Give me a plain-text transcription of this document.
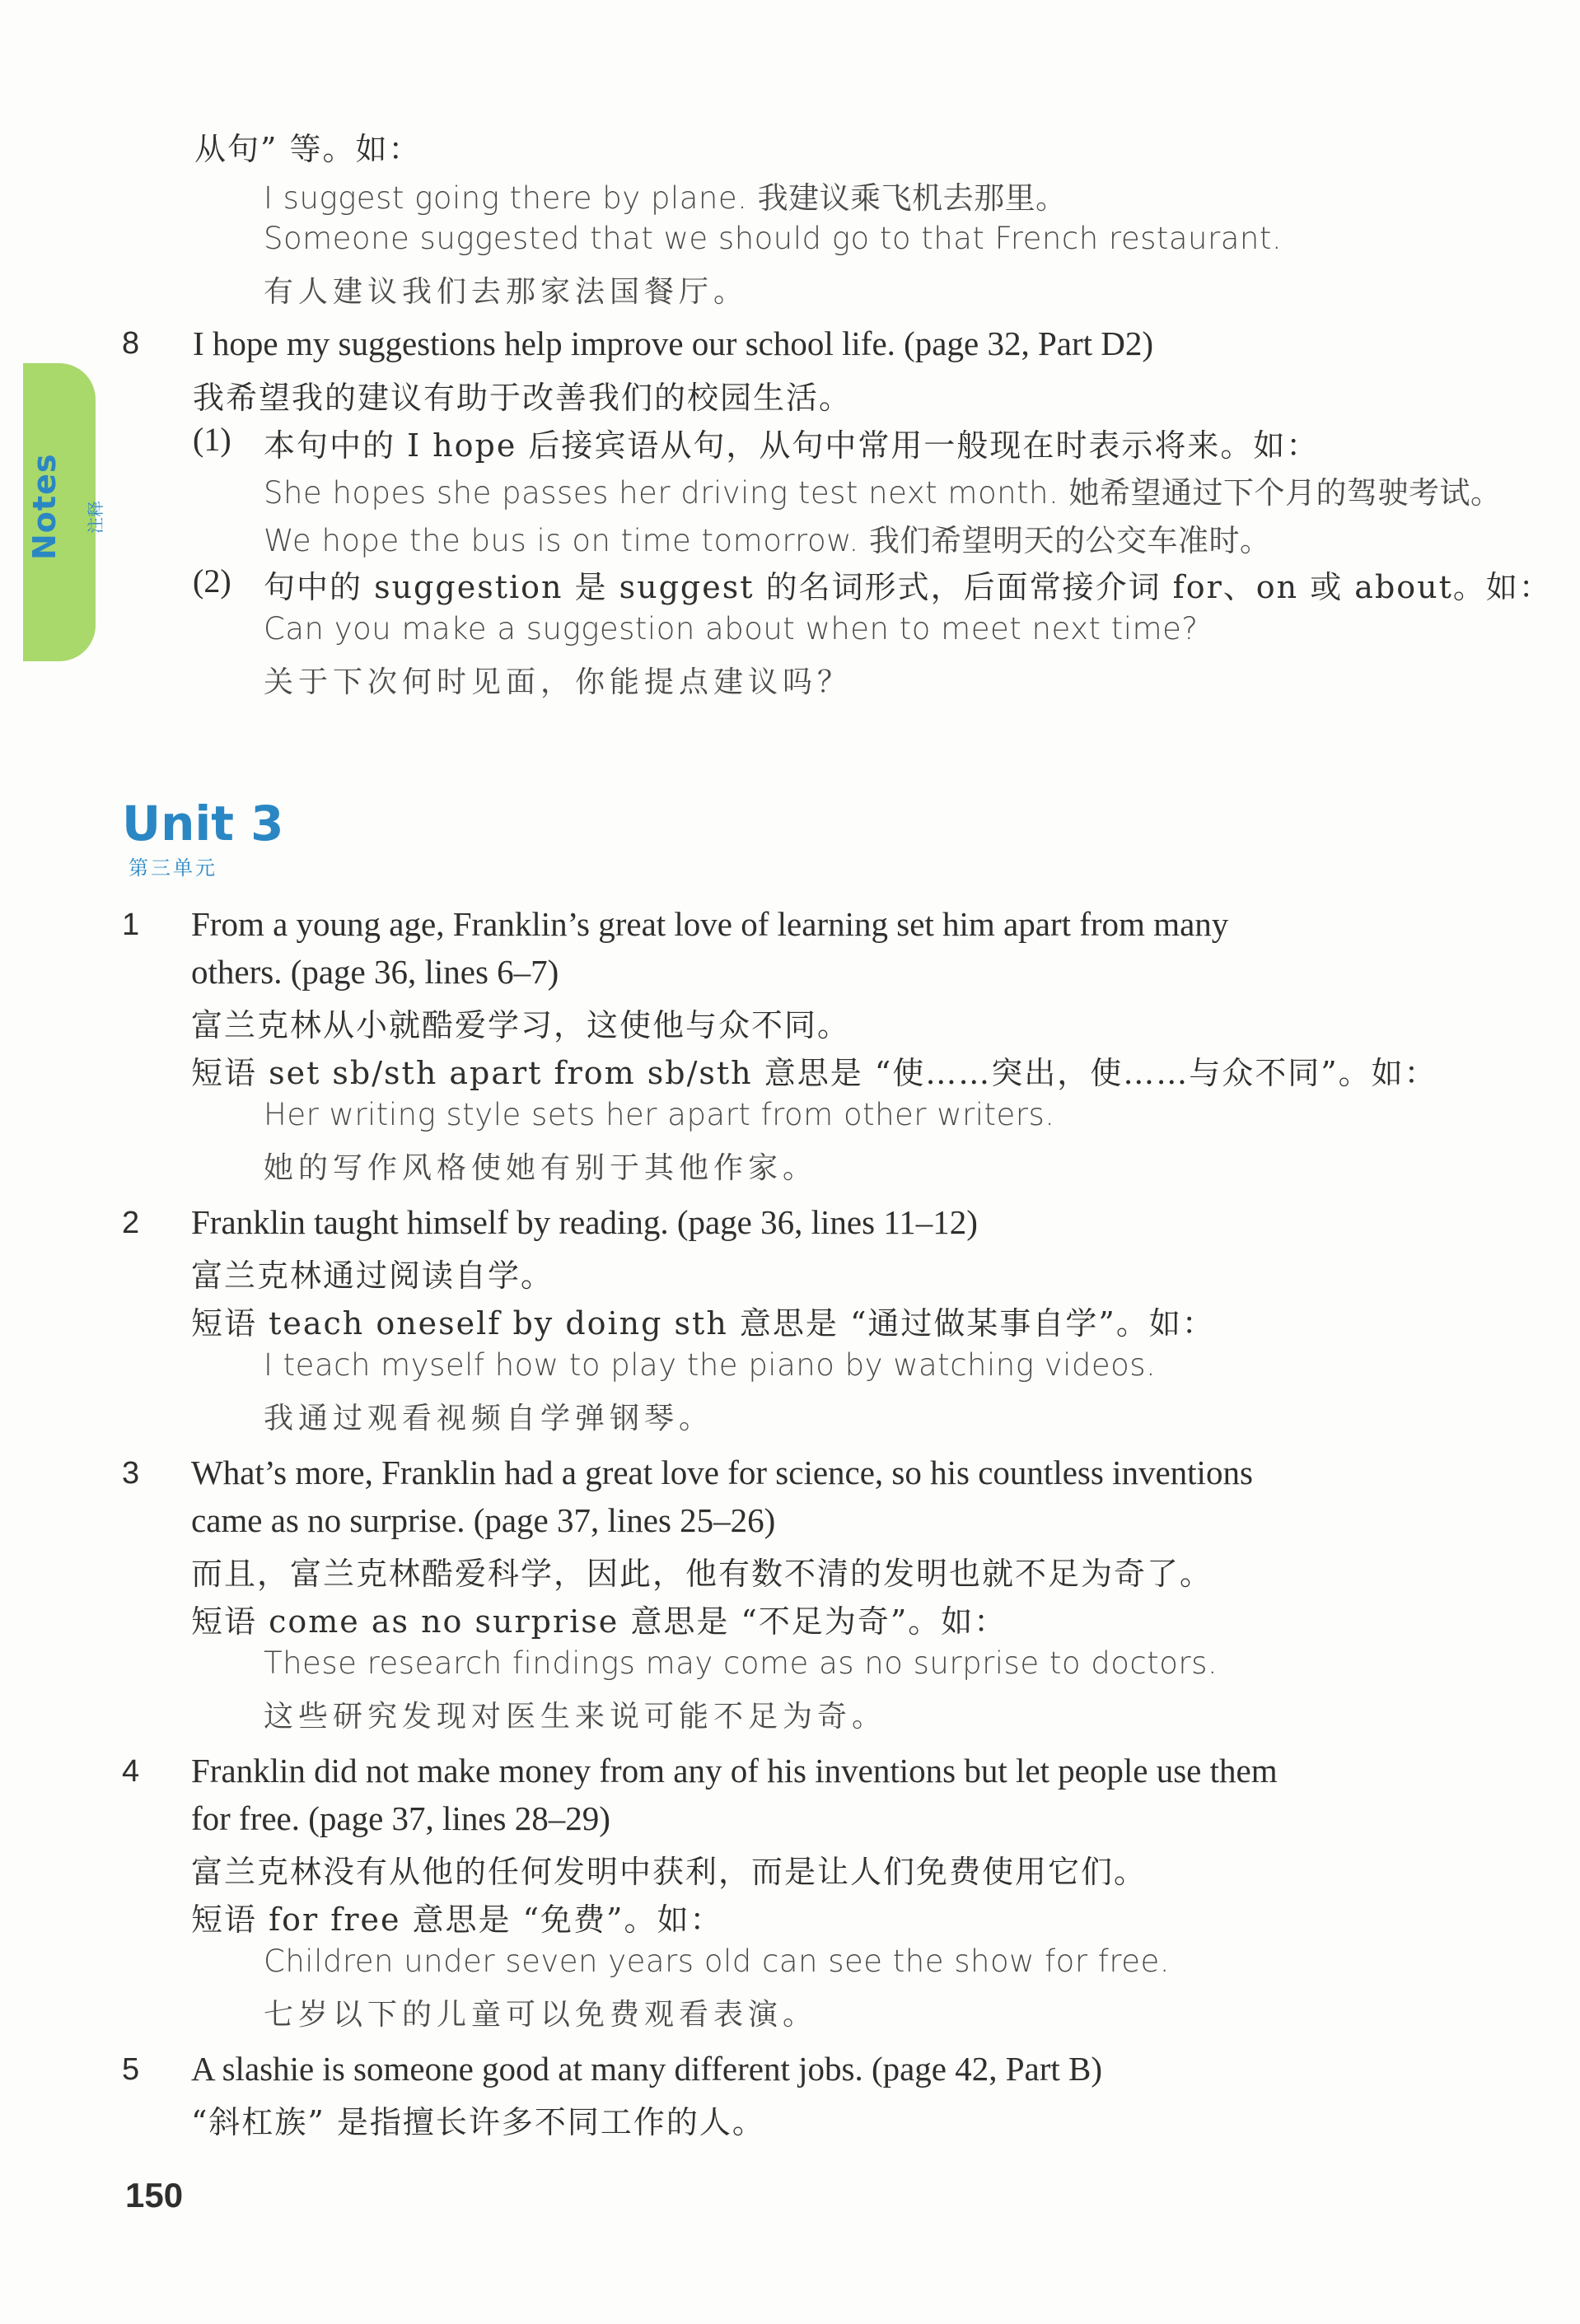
Notes 注释
从句” 等。如：
I suggest going there by plane. 我建议乘飞机去那里。
Someone suggested that we should go to that French restaurant.
有人建议我们去那家法国餐厅。
8 I hope my suggestions help improve our school life. (page 32, Part D2)
我希望我的建议有助于改善我们的校园生活。
(1) 本句中的 I hope 后接宾语从句，从句中常用一般现在时表示将来。如：
She hopes she passes her driving test next month. 她希望通过下个月的驾驶考试。
We hope the bus is on time tomorrow. 我们希望明天的公交车准时。
(2) 句中的 suggestion 是 suggest 的名词形式，后面常接介词 for、on 或 about。如：
Can you make a suggestion about when to meet next time?
关于下次何时见面，你能提点建议吗？
Unit 3
第三单元
1 From a young age, Franklin’s great love of learning set him apart from many
others. (page 36, lines 6–7)
富兰克林从小就酷爱学习，这使他与众不同。
短语 set sb/sth apart from sb/sth 意思是 “使……突出，使……与众不同”。如：
Her writing style sets her apart from other writers.
她的写作风格使她有别于其他作家。
2 Franklin taught himself by reading. (page 36, lines 11–12)
富兰克林通过阅读自学。
短语 teach oneself by doing sth 意思是 “通过做某事自学”。如：
I teach myself how to play the piano by watching videos.
我通过观看视频自学弹钢琴。
3 What’s more, Franklin had a great love for science, so his countless inventions
came as no surprise. (page 37, lines 25–26)
而且，富兰克林酷爱科学，因此，他有数不清的发明也就不足为奇了。
短语 come as no surprise 意思是 “不足为奇”。如：
These research findings may come as no surprise to doctors.
这些研究发现对医生来说可能不足为奇。
4 Franklin did not make money from any of his inventions but let people use them
for free. (page 37, lines 28–29)
富兰克林没有从他的任何发明中获利，而是让人们免费使用它们。
短语 for free 意思是 “免费”。如：
Children under seven years old can see the show for free.
七岁以下的儿童可以免费观看表演。
5 A slashie is someone good at many different jobs. (page 42, Part B)
“斜杠族” 是指擅长许多不同工作的人。
150
